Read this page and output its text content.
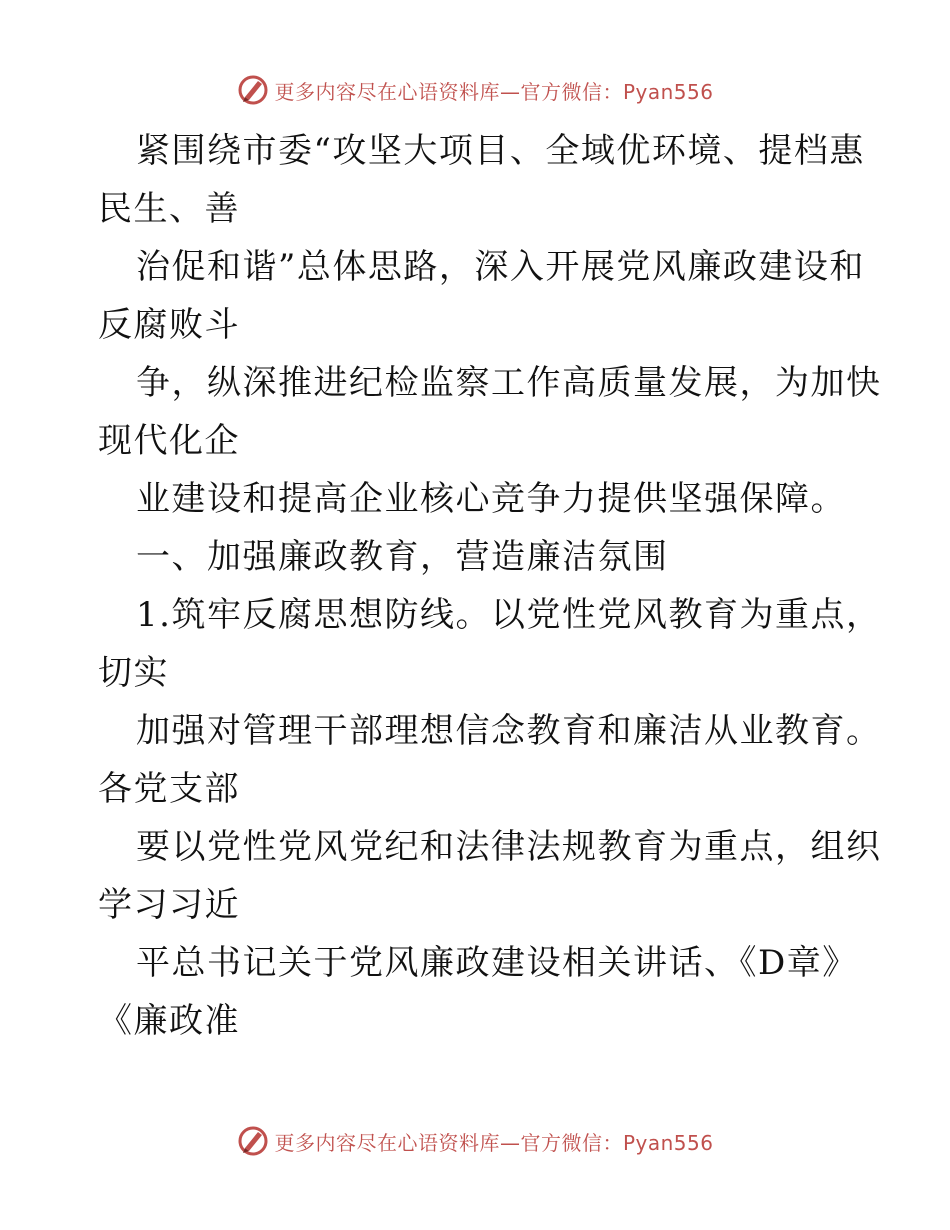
更多内容尽在心语资料库—官方微信：Pyan556
紧围绕市委“攻坚大项目、全域优环境、提档惠
民生、善
治促和谐”总体思路，深入开展党风廉政建设和
反腐败斗
争，纵深推进纪检监察工作高质量发展，为加快
现代化企
业建设和提高企业核心竞争力提供坚强保障。
一、加强廉政教育，营造廉洁氛围
1.筑牢反腐思想防线。以党性党风教育为重点，
切实
加强对管理干部理想信念教育和廉洁从业教育。
各党支部
要以党性党风党纪和法律法规教育为重点，组织
学习习近
平总书记关于党风廉政建设相关讲话、《D章》
《廉政准
更多内容尽在心语资料库—官方微信：Pyan556
